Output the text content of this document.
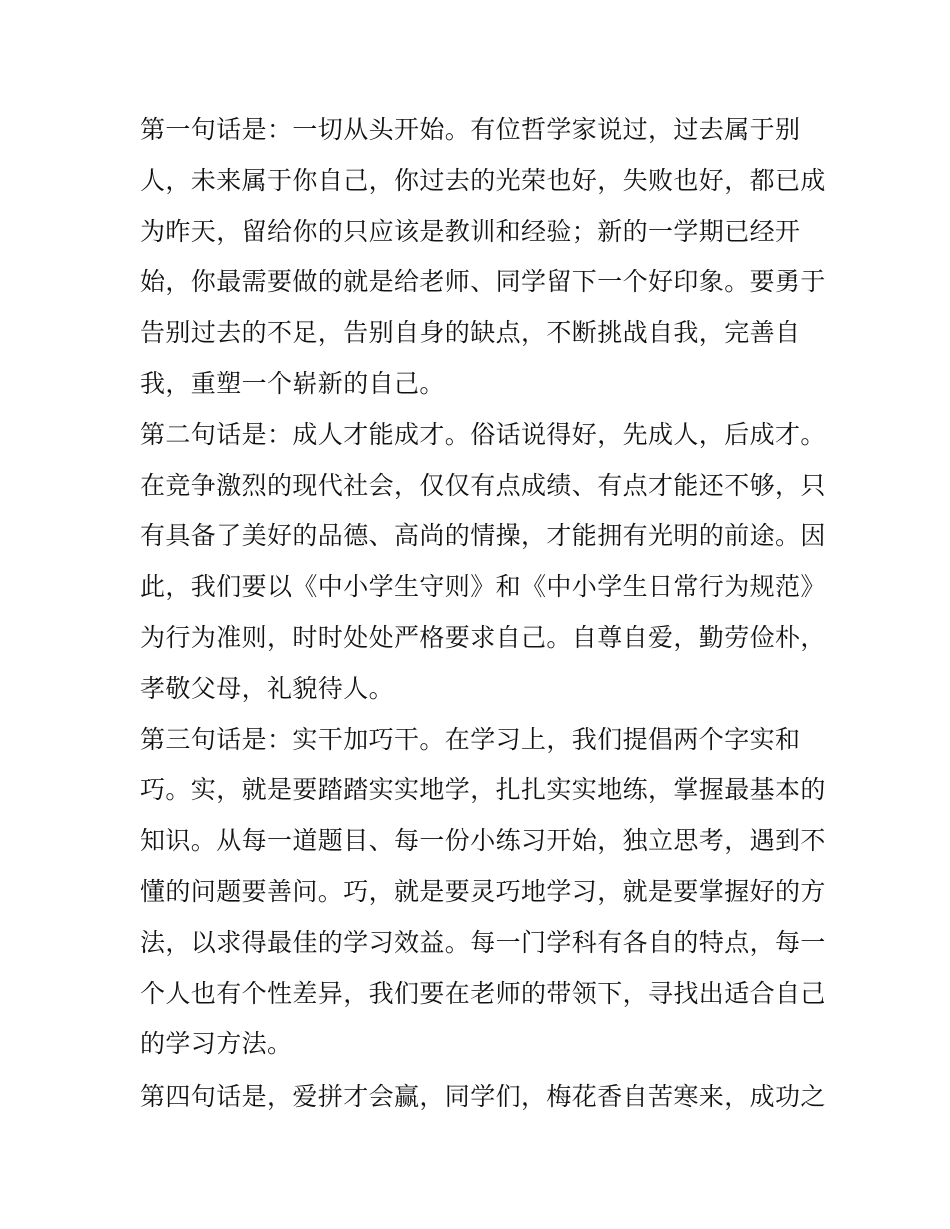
第一句话是：一切从头开始。有位哲学家说过，过去属于别
人，未来属于你自己，你过去的光荣也好，失败也好，都已成
为昨天，留给你的只应该是教训和经验；新的一学期已经开
始，你最需要做的就是给老师、同学留下一个好印象。要勇于
告别过去的不足，告别自身的缺点，不断挑战自我，完善自
我，重塑一个崭新的自己。
第二句话是：成人才能成才。俗话说得好，先成人，后成才。
在竞争激烈的现代社会，仅仅有点成绩、有点才能还不够，只
有具备了美好的品德、高尚的情操，才能拥有光明的前途。因
此，我们要以《中小学生守则》和《中小学生日常行为规范》
为行为准则，时时处处严格要求自己。自尊自爱，勤劳俭朴，
孝敬父母，礼貌待人。
第三句话是：实干加巧干。在学习上，我们提倡两个字实和
巧。实，就是要踏踏实实地学，扎扎实实地练，掌握最基本的
知识。从每一道题目、每一份小练习开始，独立思考，遇到不
懂的问题要善问。巧，就是要灵巧地学习，就是要掌握好的方
法，以求得最佳的学习效益。每一门学科有各自的特点，每一
个人也有个性差异，我们要在老师的带领下，寻找出适合自己
的学习方法。
第四句话是，爱拼才会赢，同学们，梅花香自苦寒来，成功之
